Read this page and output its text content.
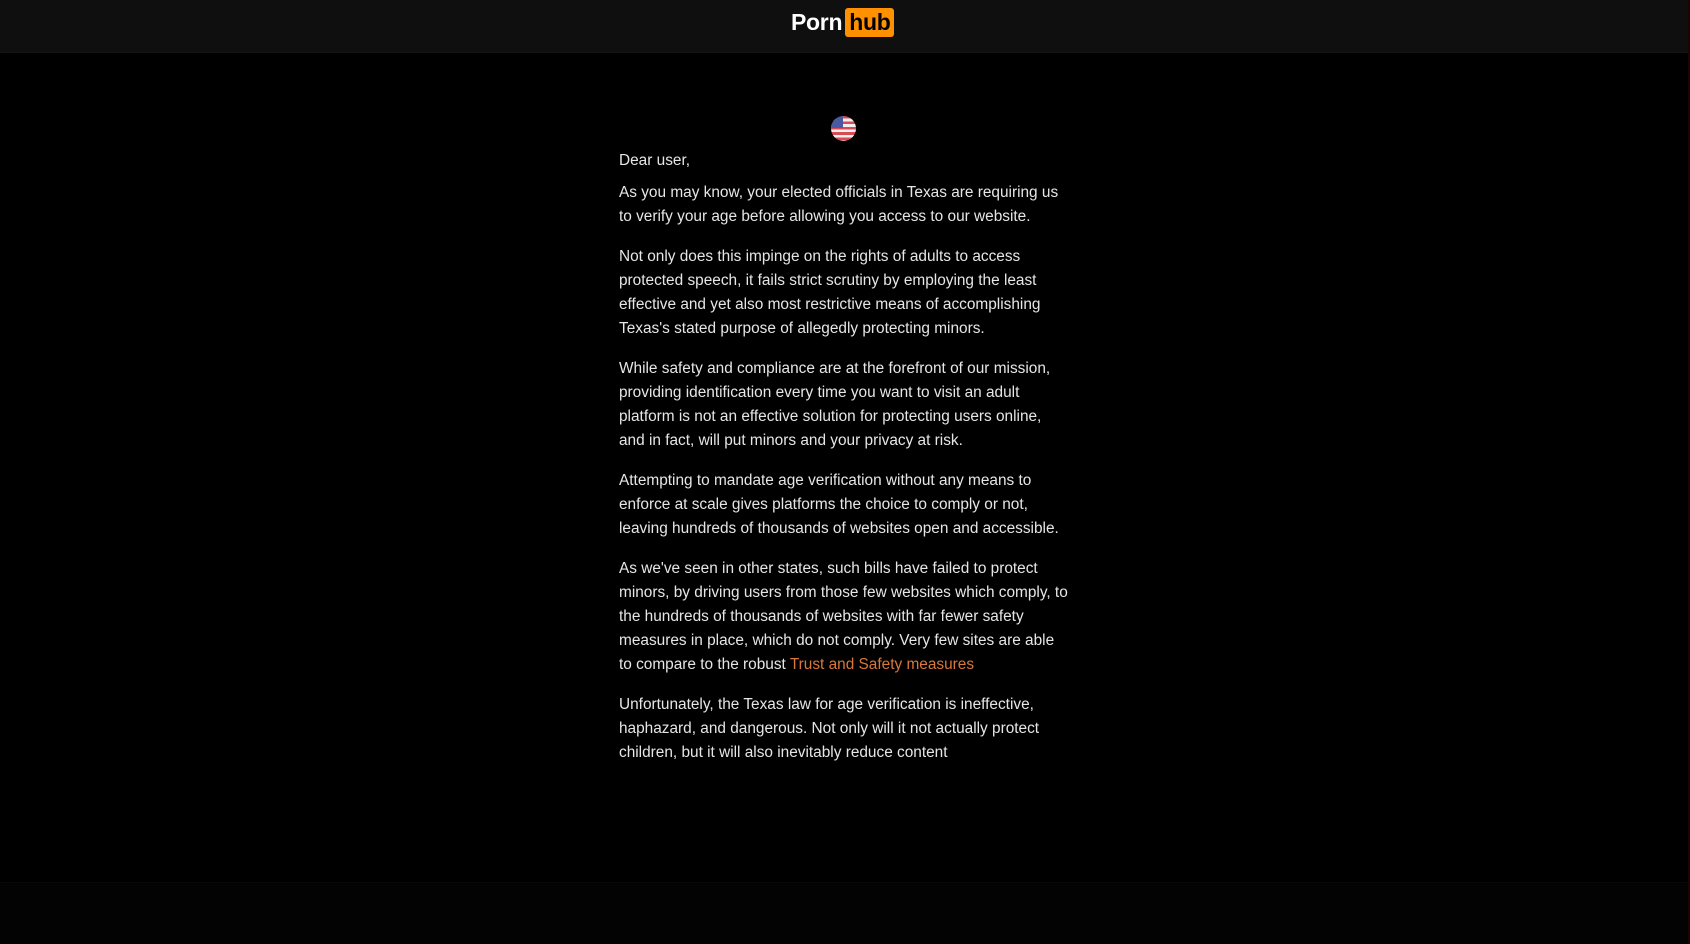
Porn hub

Dear user,

As you may know, your elected officials in Texas are requiring us to verify your age before allowing you access to our website.

Not only does this impinge on the rights of adults to access protected speech, it fails strict scrutiny by employing the least effective and yet also most restrictive means of accomplishing Texas's stated purpose of allegedly protecting minors.

While safety and compliance are at the forefront of our mission, providing identification every time you want to visit an adult platform is not an effective solution for protecting users online, and in fact, will put minors and your privacy at risk.

Attempting to mandate age verification without any means to enforce at scale gives platforms the choice to comply or not, leaving hundreds of thousands of websites open and accessible.

As we've seen in other states, such bills have failed to protect minors, by driving users from those few websites which comply, to the hundreds of thousands of websites with far fewer safety measures in place, which do not comply. Very few sites are able to compare to the robust Trust and Safety measures

Unfortunately, the Texas law for age verification is ineffective, haphazard, and dangerous. Not only will it not actually protect children, but it will also inevitably reduce content
